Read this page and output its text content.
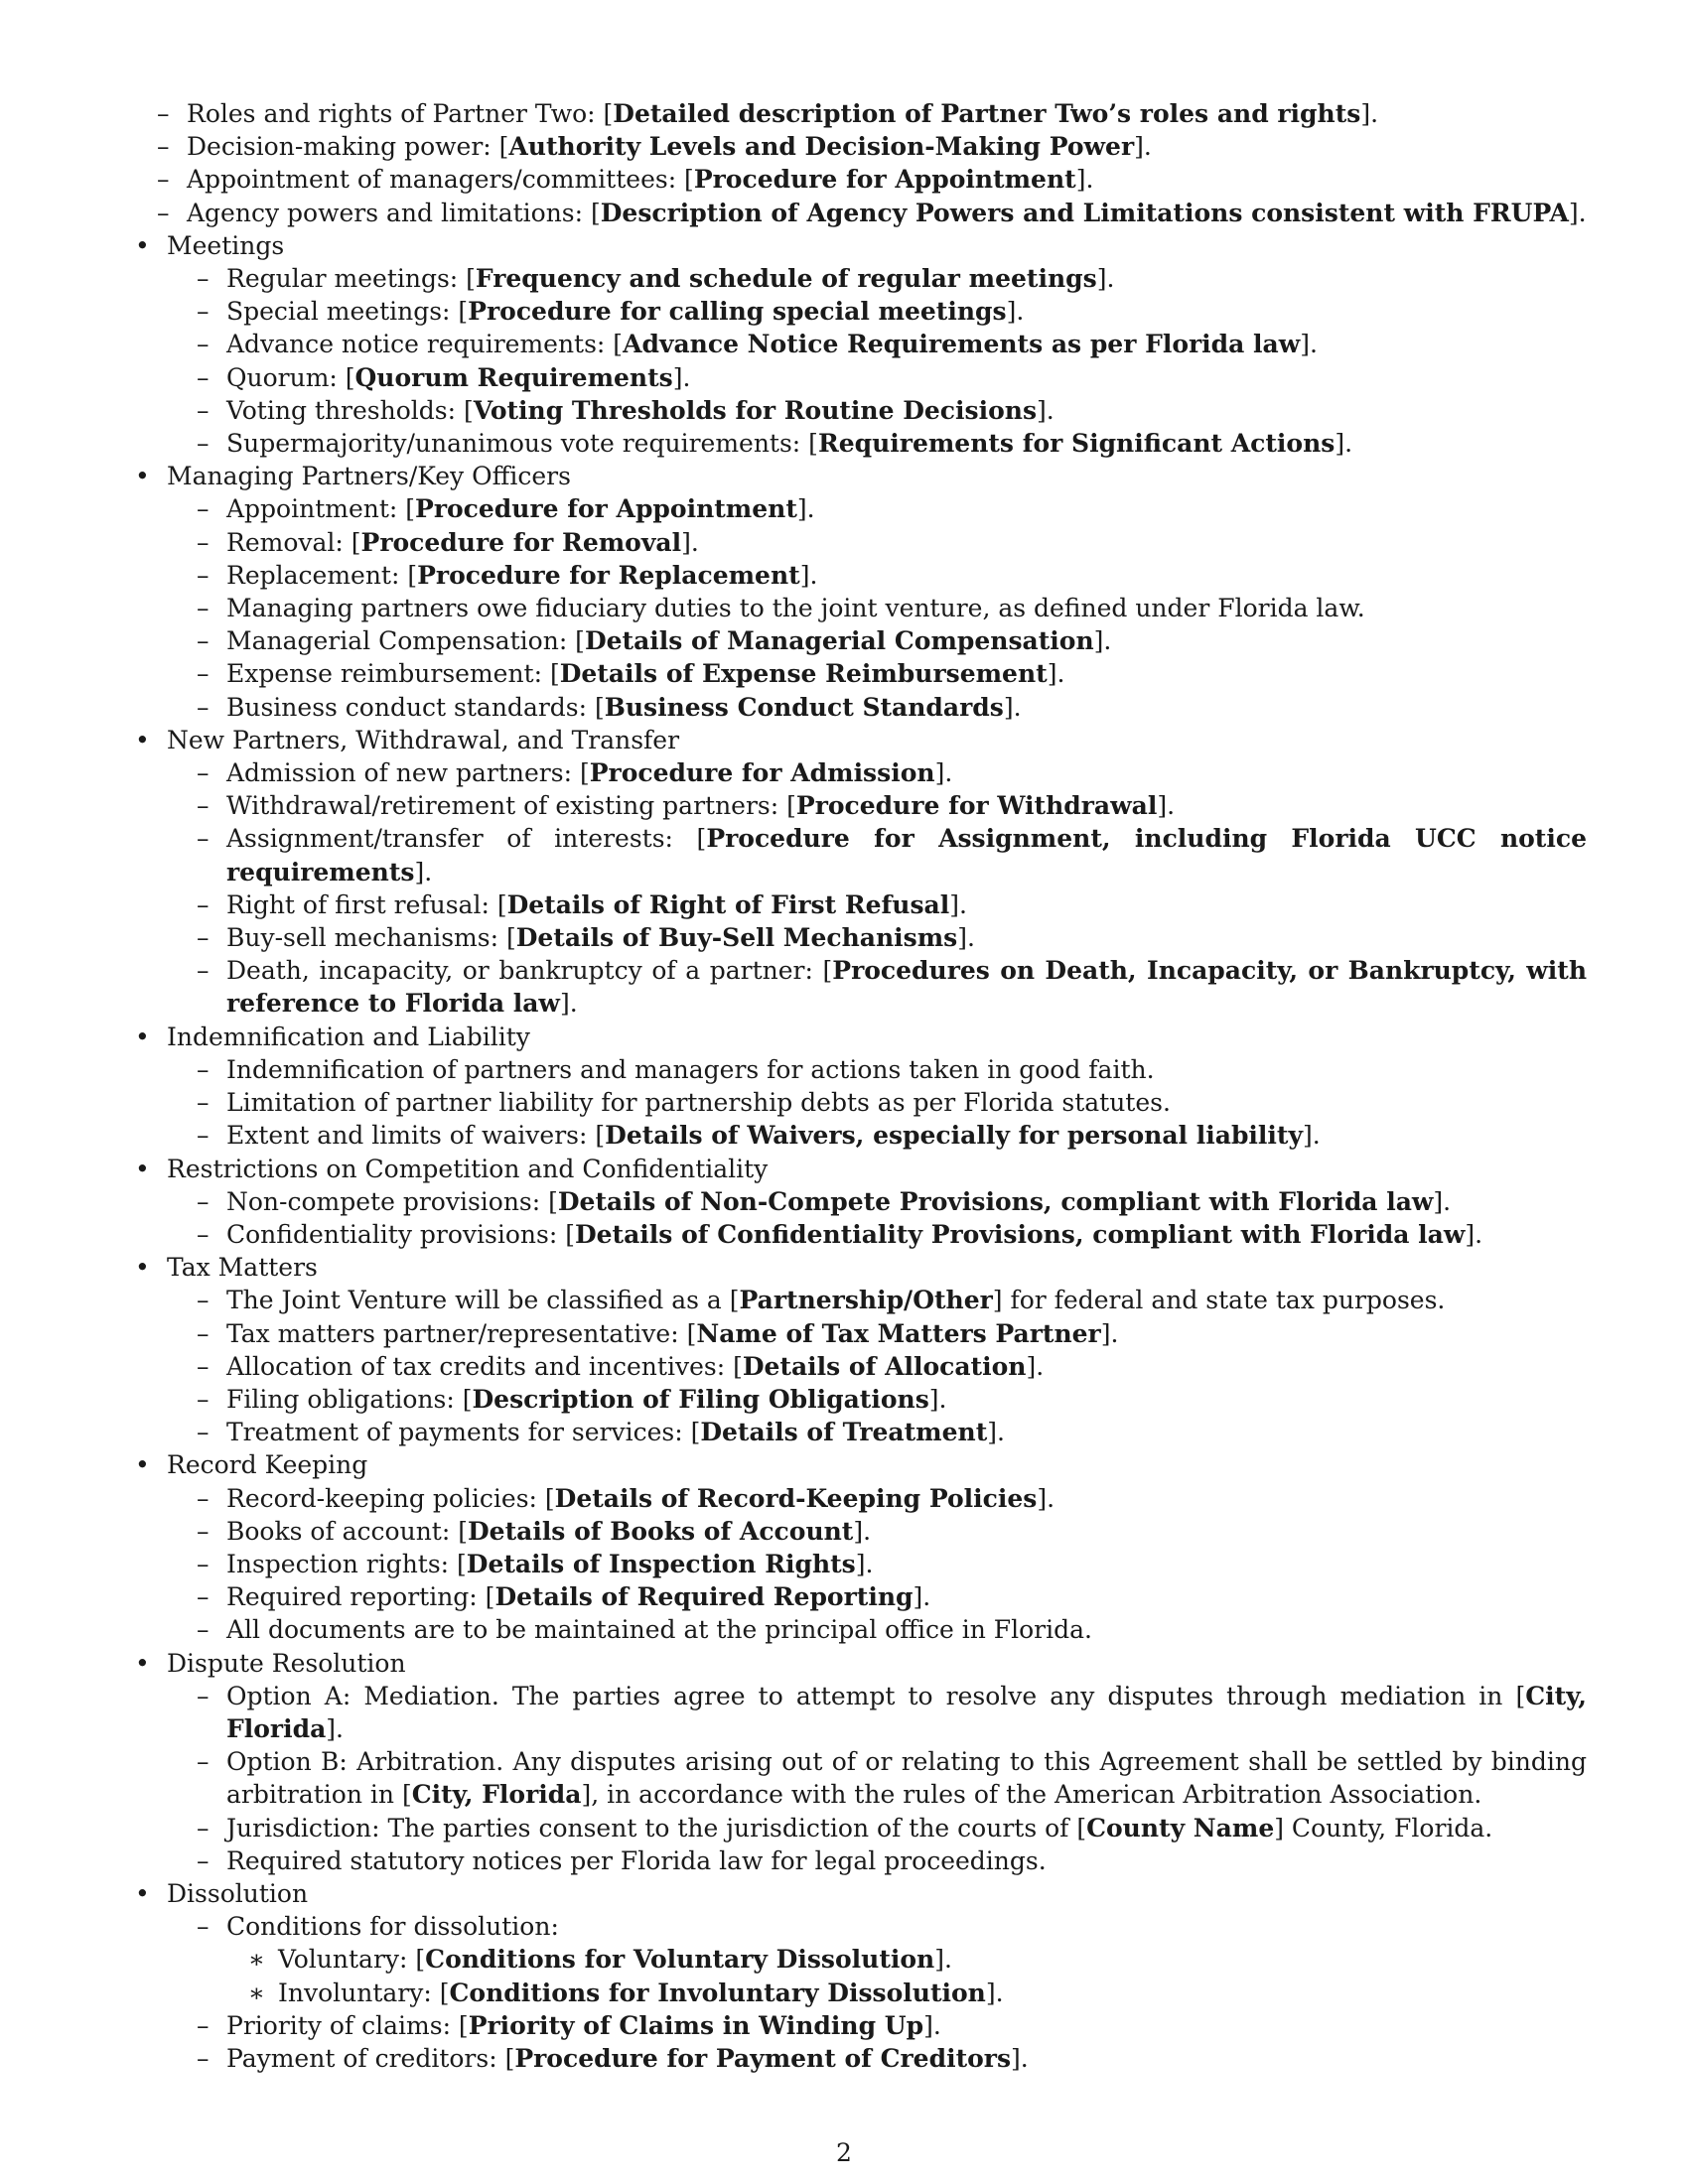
– Roles and rights of Partner Two: [Detailed description of Partner Two’s roles and rights].
– Decision-making power: [Authority Levels and Decision-Making Power].
– Appointment of managers/committees: [Procedure for Appointment].
– Agency powers and limitations: [Description of Agency Powers and Limitations consistent with FRUPA].
• Meetings
– Regular meetings: [Frequency and schedule of regular meetings].
– Special meetings: [Procedure for calling special meetings].
– Advance notice requirements: [Advance Notice Requirements as per Florida law].
– Quorum: [Quorum Requirements].
– Voting thresholds: [Voting Thresholds for Routine Decisions].
– Supermajority/unanimous vote requirements: [Requirements for Significant Actions].
• Managing Partners/Key Officers
– Appointment: [Procedure for Appointment].
– Removal: [Procedure for Removal].
– Replacement: [Procedure for Replacement].
– Managing partners owe fiduciary duties to the joint venture, as defined under Florida law.
– Managerial Compensation: [Details of Managerial Compensation].
– Expense reimbursement: [Details of Expense Reimbursement].
– Business conduct standards: [Business Conduct Standards].
• New Partners, Withdrawal, and Transfer
– Admission of new partners: [Procedure for Admission].
– Withdrawal/retirement of existing partners: [Procedure for Withdrawal].
– Assignment/transfer of interests: [Procedure for Assignment, including Florida UCC notice requirements].
– Right of first refusal: [Details of Right of First Refusal].
– Buy-sell mechanisms: [Details of Buy-Sell Mechanisms].
– Death, incapacity, or bankruptcy of a partner: [Procedures on Death, Incapacity, or Bankruptcy, with reference to Florida law].
• Indemnification and Liability
– Indemnification of partners and managers for actions taken in good faith.
– Limitation of partner liability for partnership debts as per Florida statutes.
– Extent and limits of waivers: [Details of Waivers, especially for personal liability].
• Restrictions on Competition and Confidentiality
– Non-compete provisions: [Details of Non-Compete Provisions, compliant with Florida law].
– Confidentiality provisions: [Details of Confidentiality Provisions, compliant with Florida law].
• Tax Matters
– The Joint Venture will be classified as a [Partnership/Other] for federal and state tax purposes.
– Tax matters partner/representative: [Name of Tax Matters Partner].
– Allocation of tax credits and incentives: [Details of Allocation].
– Filing obligations: [Description of Filing Obligations].
– Treatment of payments for services: [Details of Treatment].
• Record Keeping
– Record-keeping policies: [Details of Record-Keeping Policies].
– Books of account: [Details of Books of Account].
– Inspection rights: [Details of Inspection Rights].
– Required reporting: [Details of Required Reporting].
– All documents are to be maintained at the principal office in Florida.
• Dispute Resolution
– Option A: Mediation. The parties agree to attempt to resolve any disputes through mediation in [City, Florida].
– Option B: Arbitration. Any disputes arising out of or relating to this Agreement shall be settled by binding arbitration in [City, Florida], in accordance with the rules of the American Arbitration Association.
– Jurisdiction: The parties consent to the jurisdiction of the courts of [County Name] County, Florida.
– Required statutory notices per Florida law for legal proceedings.
• Dissolution
– Conditions for dissolution:
∗ Voluntary: [Conditions for Voluntary Dissolution].
∗ Involuntary: [Conditions for Involuntary Dissolution].
– Priority of claims: [Priority of Claims in Winding Up].
– Payment of creditors: [Procedure for Payment of Creditors].
2
